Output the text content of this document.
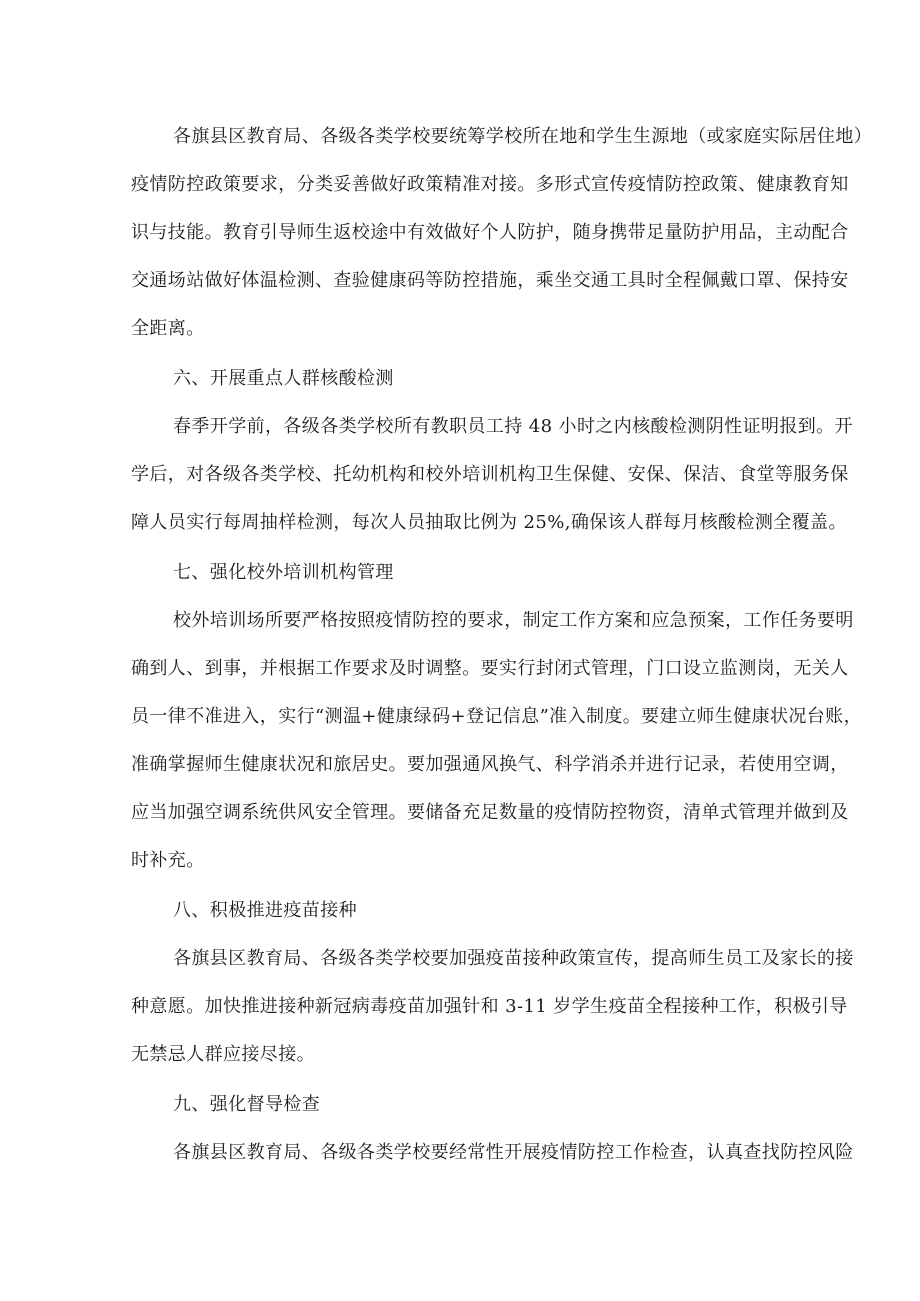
各旗县区教育局、各级各类学校要统筹学校所在地和学生生源地（或家庭实际居住地）
疫情防控政策要求，分类妥善做好政策精准对接。多形式宣传疫情防控政策、健康教育知
识与技能。教育引导师生返校途中有效做好个人防护，随身携带足量防护用品，主动配合
交通场站做好体温检测、查验健康码等防控措施，乘坐交通工具时全程佩戴口罩、保持安
全距离。
六、开展重点人群核酸检测
春季开学前，各级各类学校所有教职员工持 48 小时之内核酸检测阴性证明报到。开
学后，对各级各类学校、托幼机构和校外培训机构卫生保健、安保、保洁、食堂等服务保
障人员实行每周抽样检测，每次人员抽取比例为 25%,确保该人群每月核酸检测全覆盖。
七、强化校外培训机构管理
校外培训场所要严格按照疫情防控的要求，制定工作方案和应急预案，工作任务要明
确到人、到事，并根据工作要求及时调整。要实行封闭式管理，门口设立监测岗，无关人
员一律不准进入，实行“测温+健康绿码+登记信息”准入制度。要建立师生健康状况台账，
准确掌握师生健康状况和旅居史。要加强通风换气、科学消杀并进行记录，若使用空调，
应当加强空调系统供风安全管理。要储备充足数量的疫情防控物资，清单式管理并做到及
时补充。
八、积极推进疫苗接种
各旗县区教育局、各级各类学校要加强疫苗接种政策宣传，提高师生员工及家长的接
种意愿。加快推进接种新冠病毒疫苗加强针和 3-11 岁学生疫苗全程接种工作，积极引导
无禁忌人群应接尽接。
九、强化督导检查
各旗县区教育局、各级各类学校要经常性开展疫情防控工作检查，认真查找防控风险
